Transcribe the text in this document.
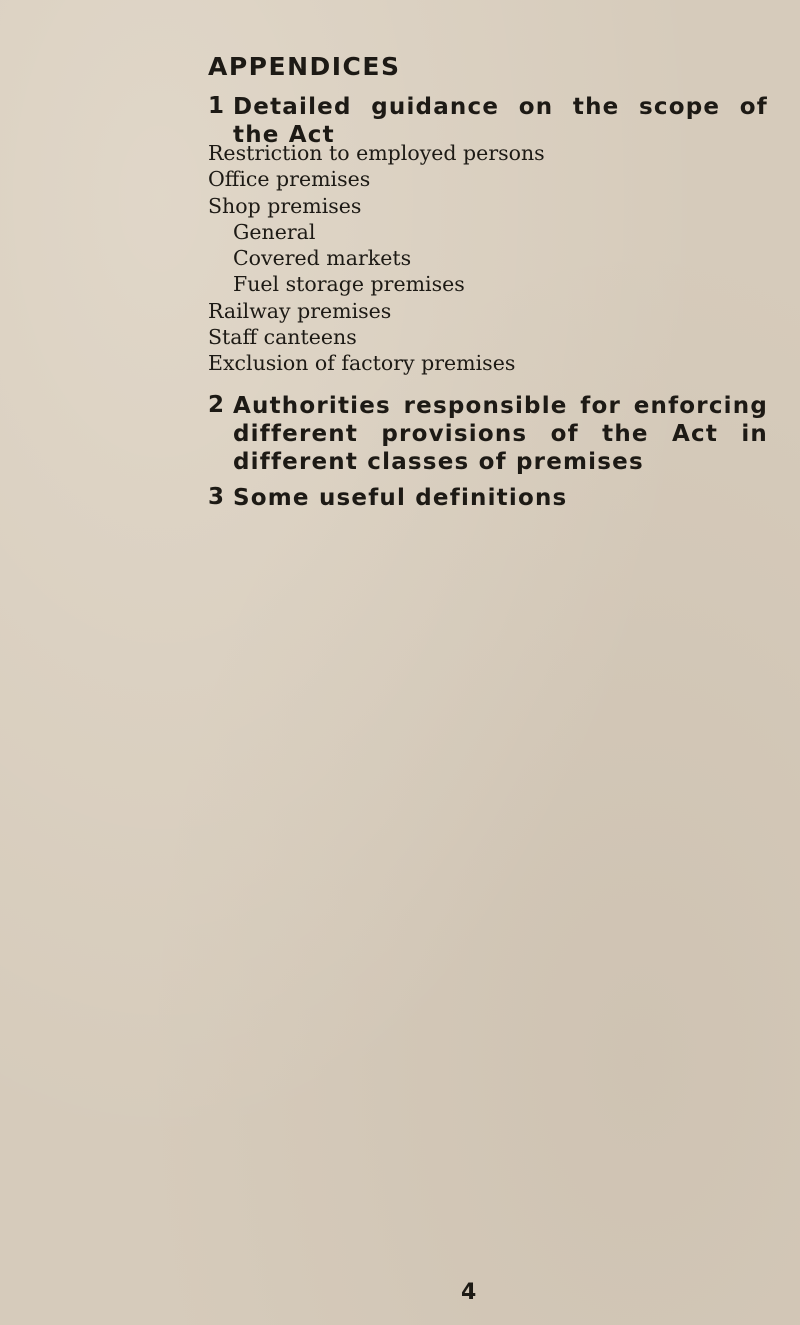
APPENDICES
1 Detailed guidance on the scope of the Act
Restriction to employed persons
Office premises
Shop premises
General
Covered markets
Fuel storage premises
Railway premises
Staff canteens
Exclusion of factory premises
2 Authorities responsible for enforcing different provisions of the Act in different classes of premises
3 Some useful definitions
4
